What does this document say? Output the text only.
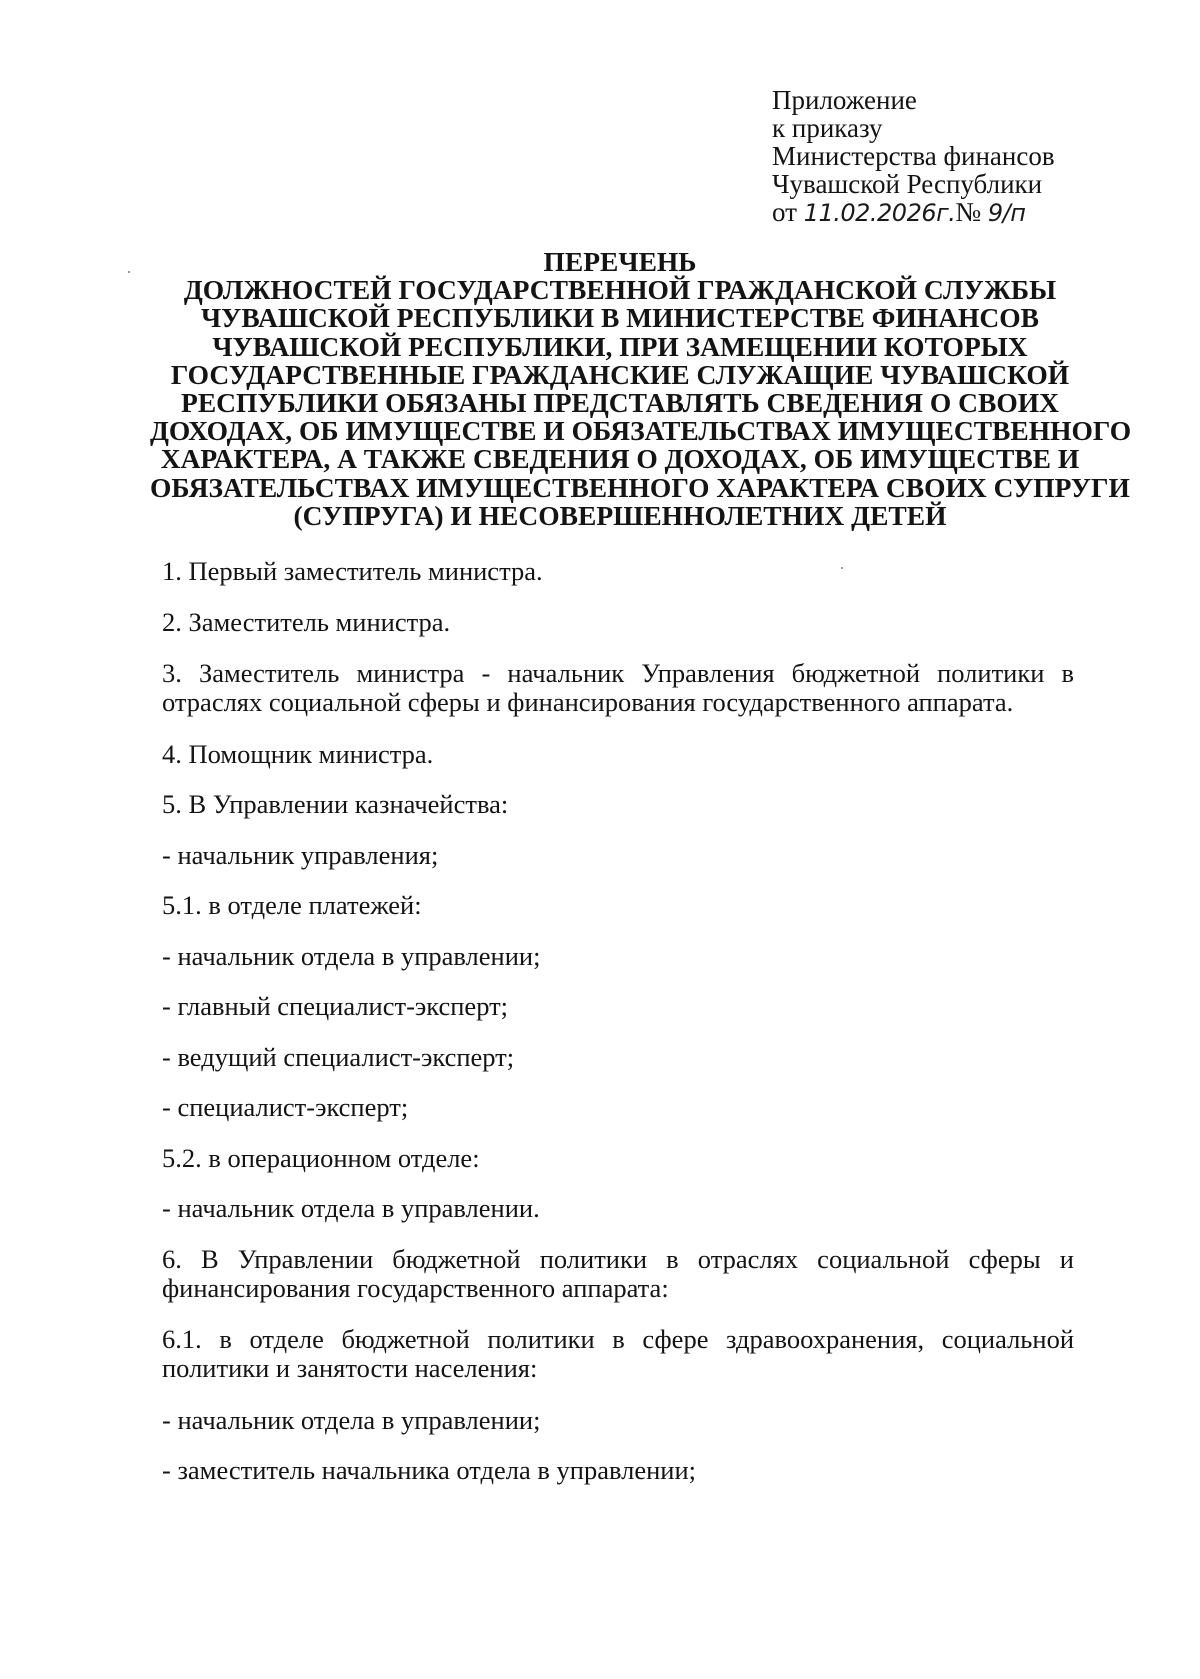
Приложение
к приказу
Министерства финансов
Чувашской Республики
от 11.02.2026г.№ 9/п
ПЕРЕЧЕНЬ
ДОЛЖНОСТЕЙ ГОСУДАРСТВЕННОЙ ГРАЖДАНСКОЙ СЛУЖБЫ
ЧУВАШСКОЙ РЕСПУБЛИКИ В МИНИСТЕРСТВЕ ФИНАНСОВ
ЧУВАШСКОЙ РЕСПУБЛИКИ, ПРИ ЗАМЕЩЕНИИ КОТОРЫХ
ГОСУДАРСТВЕННЫЕ ГРАЖДАНСКИЕ СЛУЖАЩИЕ ЧУВАШСКОЙ
РЕСПУБЛИКИ ОБЯЗАНЫ ПРЕДСТАВЛЯТЬ СВЕДЕНИЯ О СВОИХ
ДОХОДАХ, ОБ ИМУЩЕСТВЕ И ОБЯЗАТЕЛЬСТВАХ ИМУЩЕСТВЕННОГО
ХАРАКТЕРА, А ТАКЖЕ СВЕДЕНИЯ О ДОХОДАХ, ОБ ИМУЩЕСТВЕ И
ОБЯЗАТЕЛЬСТВАХ ИМУЩЕСТВЕННОГО ХАРАКТЕРА СВОИХ СУПРУГИ
(СУПРУГА) И НЕСОВЕРШЕННОЛЕТНИХ ДЕТЕЙ
1. Первый заместитель министра.
2. Заместитель министра.
3. Заместитель министра - начальник Управления бюджетной политики в
отраслях социальной сферы и финансирования государственного аппарата.
4. Помощник министра.
5. В Управлении казначейства:
- начальник управления;
5.1. в отделе платежей:
- начальник отдела в управлении;
- главный специалист-эксперт;
- ведущий специалист-эксперт;
- специалист-эксперт;
5.2. в операционном отделе:
- начальник отдела в управлении.
6. В Управлении бюджетной политики в отраслях социальной сферы и
финансирования государственного аппарата:
6.1. в отделе бюджетной политики в сфере здравоохранения, социальной
политики и занятости населения:
- начальник отдела в управлении;
- заместитель начальника отдела в управлении;
